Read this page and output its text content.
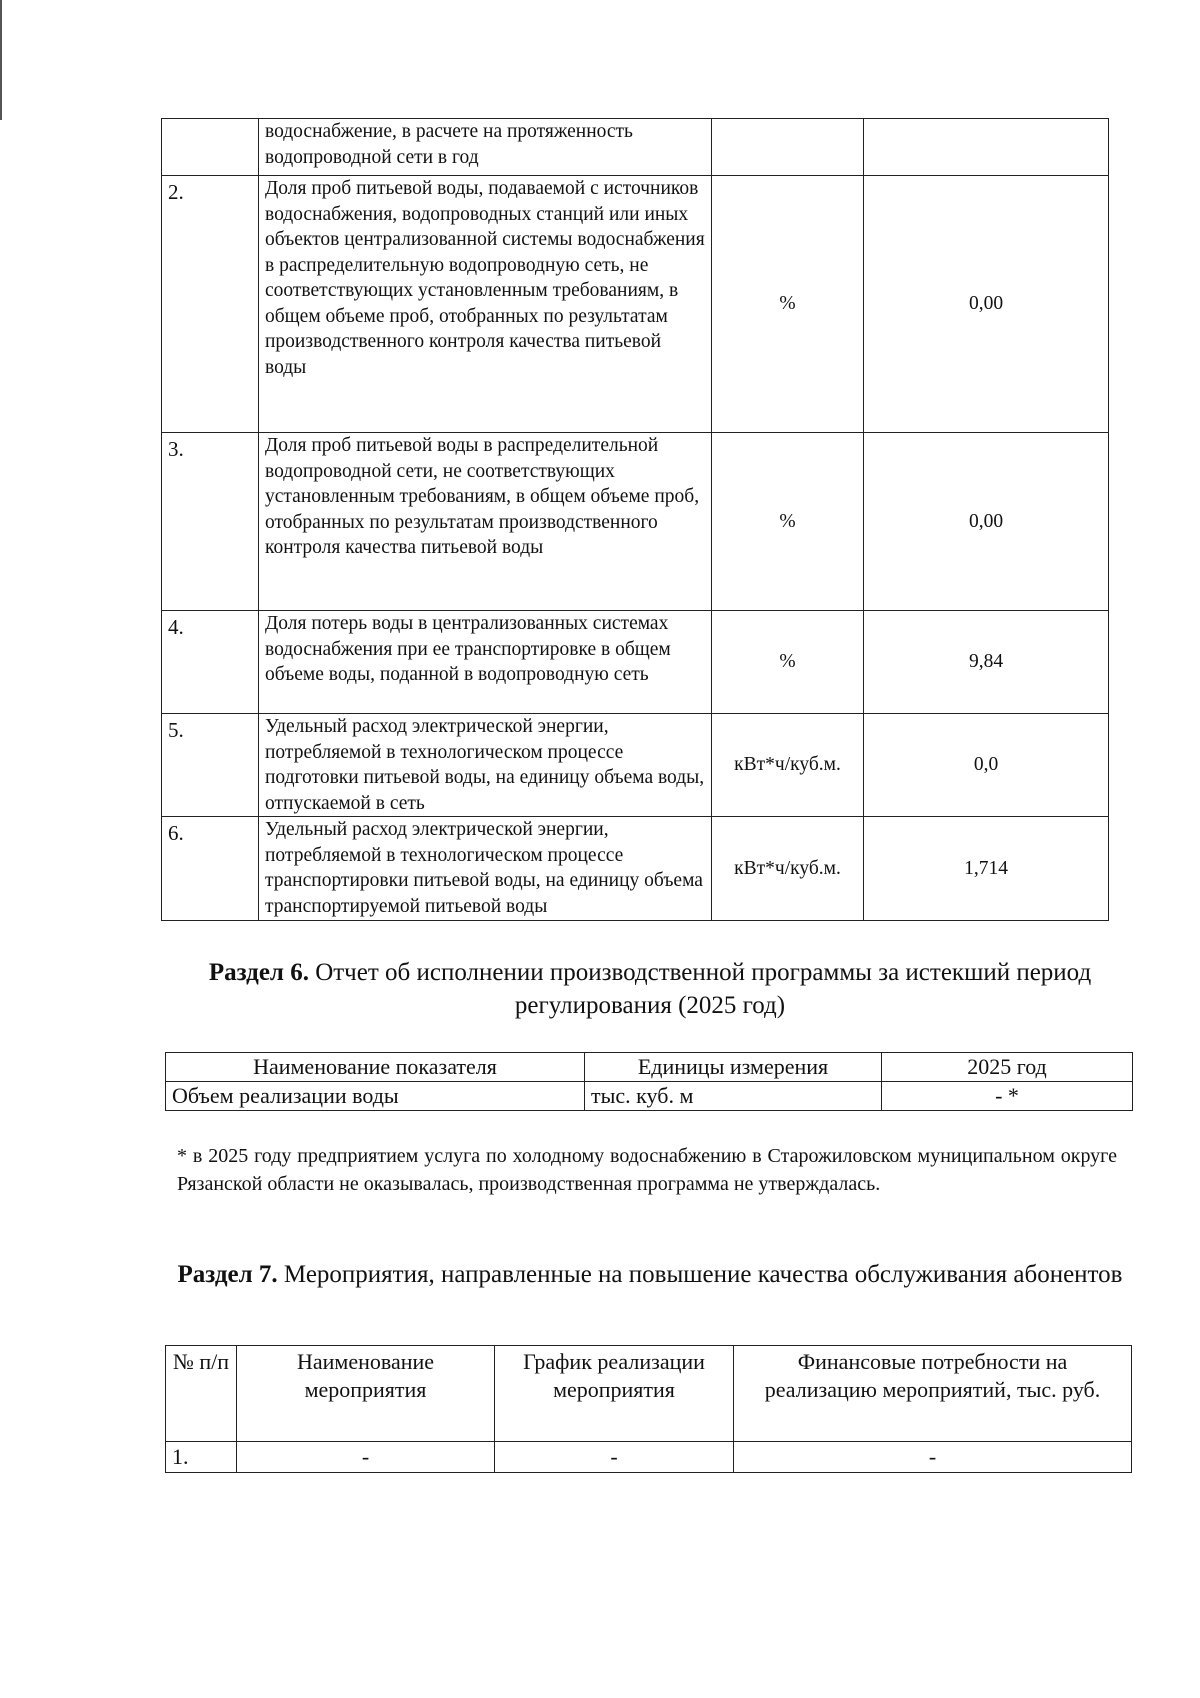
	водоснабжение, в расчете на протяженность водопроводной сети в год		
2.	Доля проб питьевой воды, подаваемой с источников водоснабжения, водопроводных станций или иных объектов централизованной системы водоснабжения в распределительную водопроводную сеть, не соответствующих установленным требованиям, в общем объеме проб, отобранных по результатам производственного контроля качества питьевой воды	%	0,00
3.	Доля проб питьевой воды в распределительной водопроводной сети, не соответствующих установленным требованиям, в общем объеме проб, отобранных по результатам производственного контроля качества питьевой воды	%	0,00
4.	Доля потерь воды в централизованных системах водоснабжения при ее транспортировке в общем объеме воды, поданной в водопроводную сеть	%	9,84
5.	Удельный расход электрической энергии, потребляемой в технологическом процессе подготовки питьевой воды, на единицу объема воды, отпускаемой в сеть	кВт*ч/куб.м.	0,0
6.	Удельный расход электрической энергии, потребляемой в технологическом процессе транспортировки питьевой воды, на единицу объема транспортируемой питьевой воды	кВт*ч/куб.м.	1,714
Раздел 6. Отчет об исполнении производственной программы за истекший период регулирования (2025 год)
Наименование показателя	Единицы измерения	2025 год
Объем реализации воды	тыс. куб. м	- *
* в 2025 году предприятием услуга по холодному водоснабжению в Старожиловском муниципальном округе Рязанской области не оказывалась, производственная программа не утверждалась.
Раздел 7. Мероприятия, направленные на повышение качества обслуживания абонентов
№ п/п	Наименование мероприятия	График реализации мероприятия	Финансовые потребности на реализацию мероприятий, тыс. руб.
1.	-	-	-
